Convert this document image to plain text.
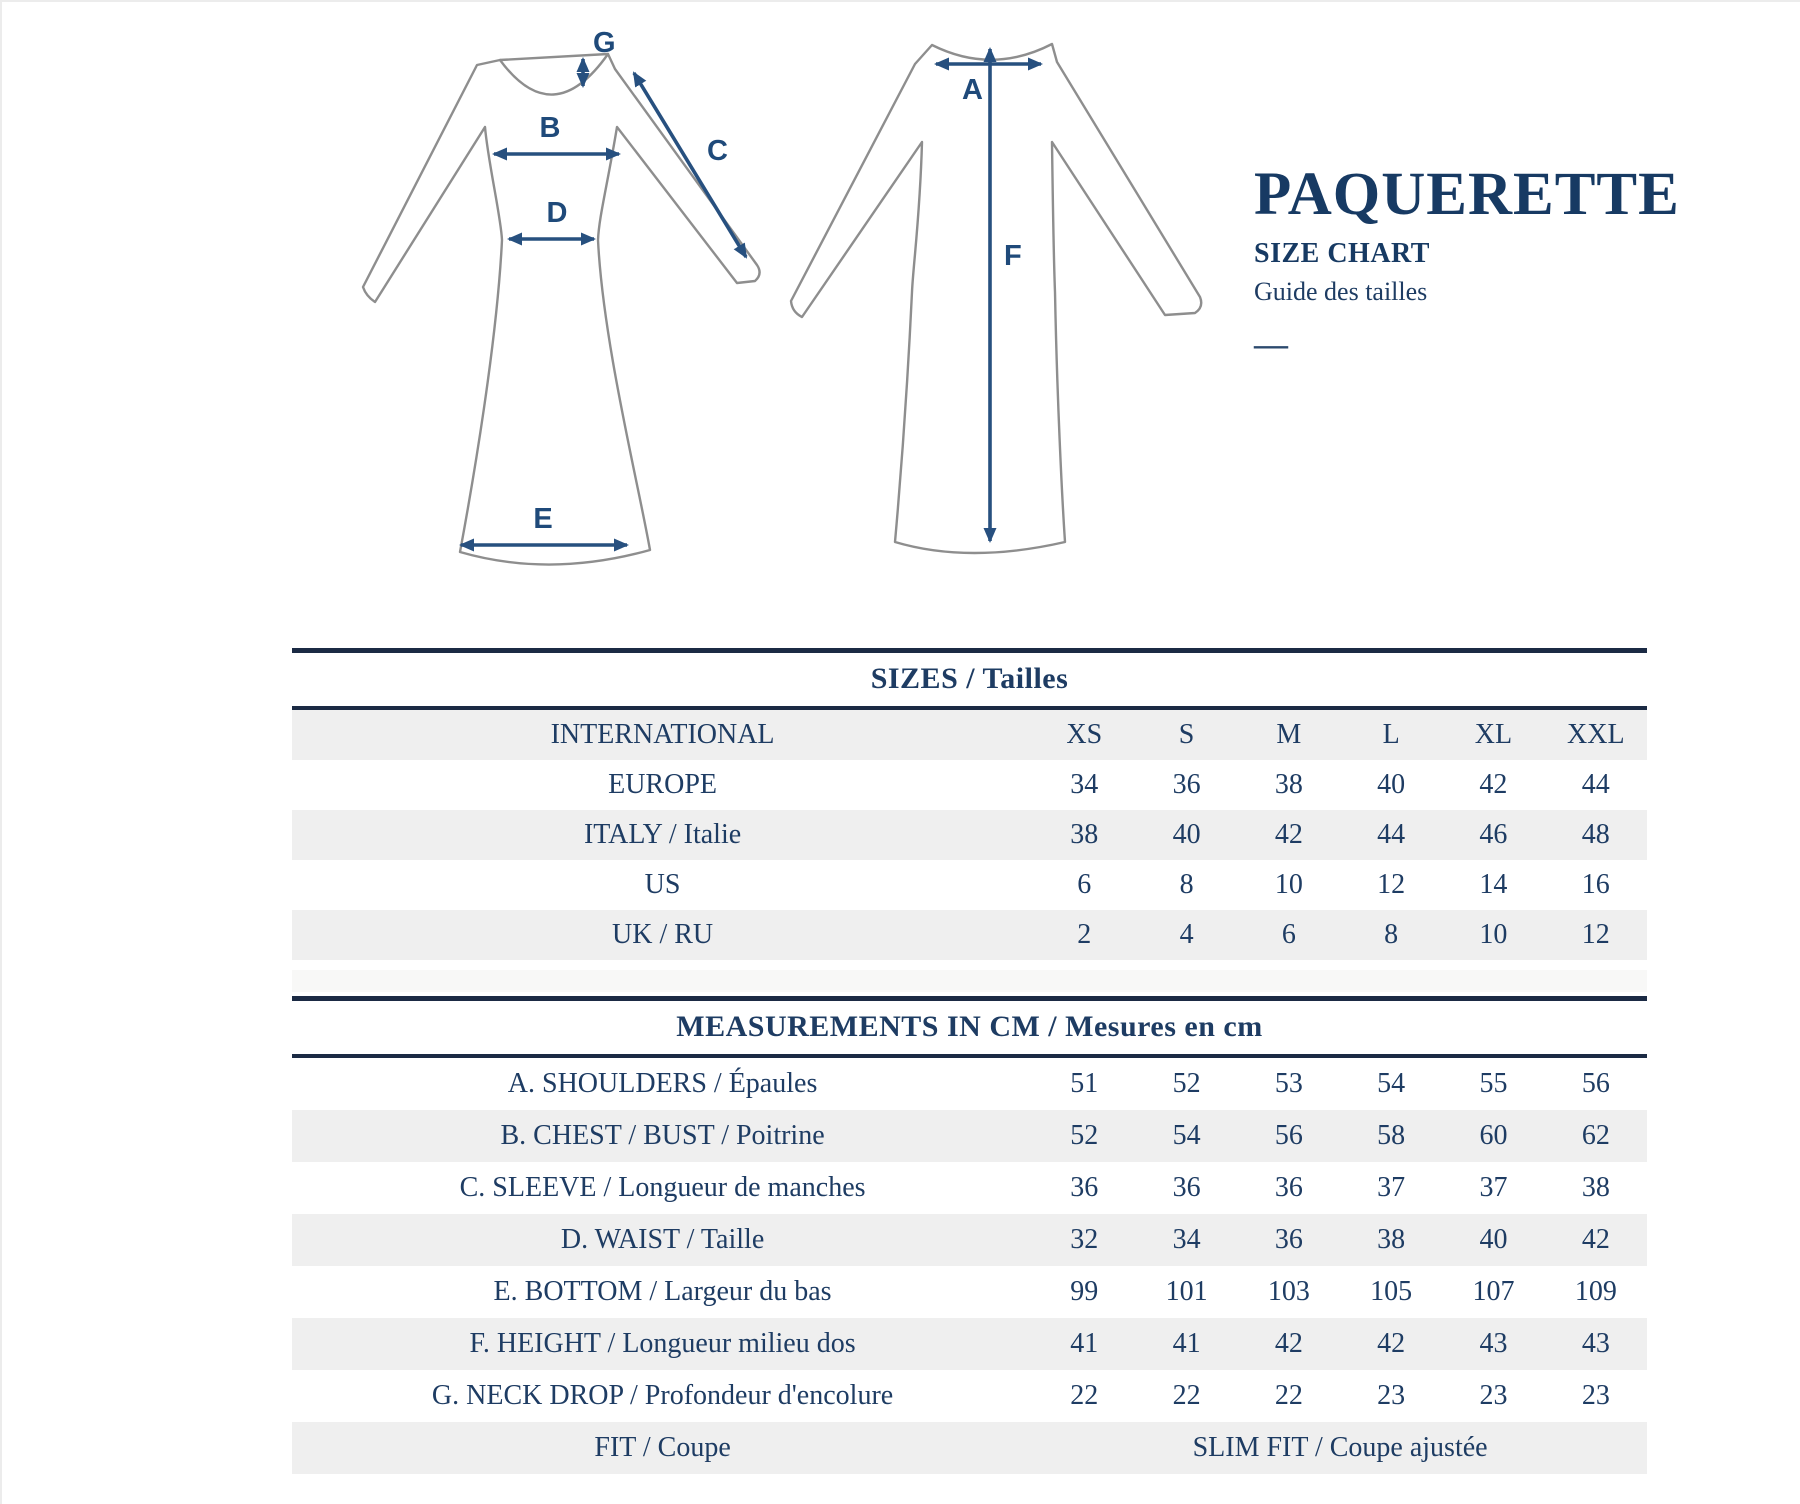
G
B
C
D
E
A
F
PAQUERETTE
SIZE CHART
Guide des tailles
—
SIZES / Tailles						
INTERNATIONAL	XS	S	M	L	XL	XXL
EUROPE	34	36	38	40	42	44
ITALY / Italie	38	40	42	44	46	48
US	6	8	10	12	14	16
UK / RU	2	4	6	8	10	12
MEASUREMENTS IN CM / Mesures en cm						
A. SHOULDERS / Épaules	51	52	53	54	55	56
B. CHEST / BUST / Poitrine	52	54	56	58	60	62
C. SLEEVE / Longueur de manches	36	36	36	37	37	38
D. WAIST / Taille	32	34	36	38	40	42
E. BOTTOM / Largeur du bas	99	101	103	105	107	109
F. HEIGHT / Longueur milieu dos	41	41	42	42	43	43
G. NECK DROP / Profondeur d'encolure	22	22	22	23	23	23
FIT / Coupe	SLIM FIT / Coupe ajustée					
